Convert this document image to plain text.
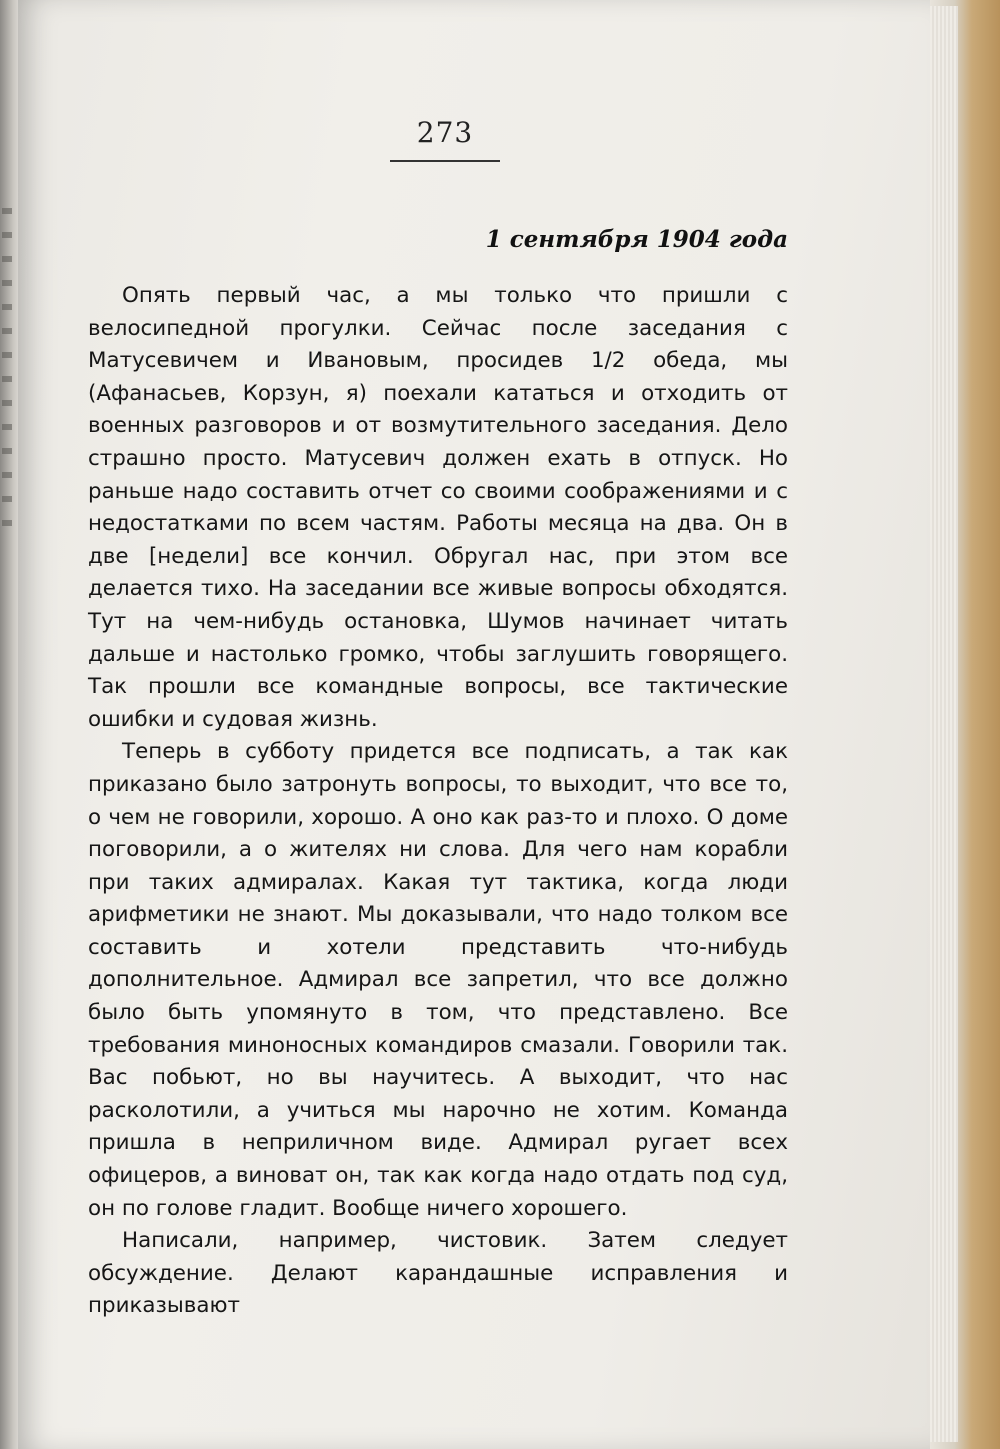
273
1 сентября 1904 года

Опять первый час, а мы только что пришли с велосипедной прогулки. Сейчас после заседания с Матусевичем и Ивановым, просидев 1/2 обеда, мы (Афанасьев, Корзун, я) поехали кататься и отходить от военных разговоров и от возмутительного заседания. Дело страшно просто. Матусевич должен ехать в отпуск. Но раньше надо составить отчет со своими соображениями и с недостатками по всем частям. Работы месяца на два. Он в две [недели] все кончил. Обругал нас, при этом все делается тихо. На заседании все живые вопросы обходятся. Тут на чем-нибудь остановка, Шумов начинает читать дальше и настолько громко, чтобы заглушить говорящего. Так прошли все командные вопросы, все тактические ошибки и судовая жизнь.

Теперь в субботу придется все подписать, а так как приказано было затронуть вопросы, то выходит, что все то, о чем не говорили, хорошо. А оно как раз-то и плохо. О доме поговорили, а о жителях ни слова. Для чего нам корабли при таких адмиралах. Какая тут тактика, когда люди арифметики не знают. Мы доказывали, что надо толком все составить и хотели представить что-нибудь дополнительное. Адмирал все запретил, что все должно было быть упомянуто в том, что представлено. Все требования миноносных командиров смазали. Говорили так. Вас побьют, но вы научитесь. А выходит, что нас расколотили, а учиться мы нарочно не хотим. Команда пришла в неприличном виде. Адмирал ругает всех офицеров, а виноват он, так как когда надо отдать под суд, он по голове гладит. Вообще ничего хорошего.

Написали, например, чистовик. Затем следует обсуждение. Делают карандашные исправления и приказывают
